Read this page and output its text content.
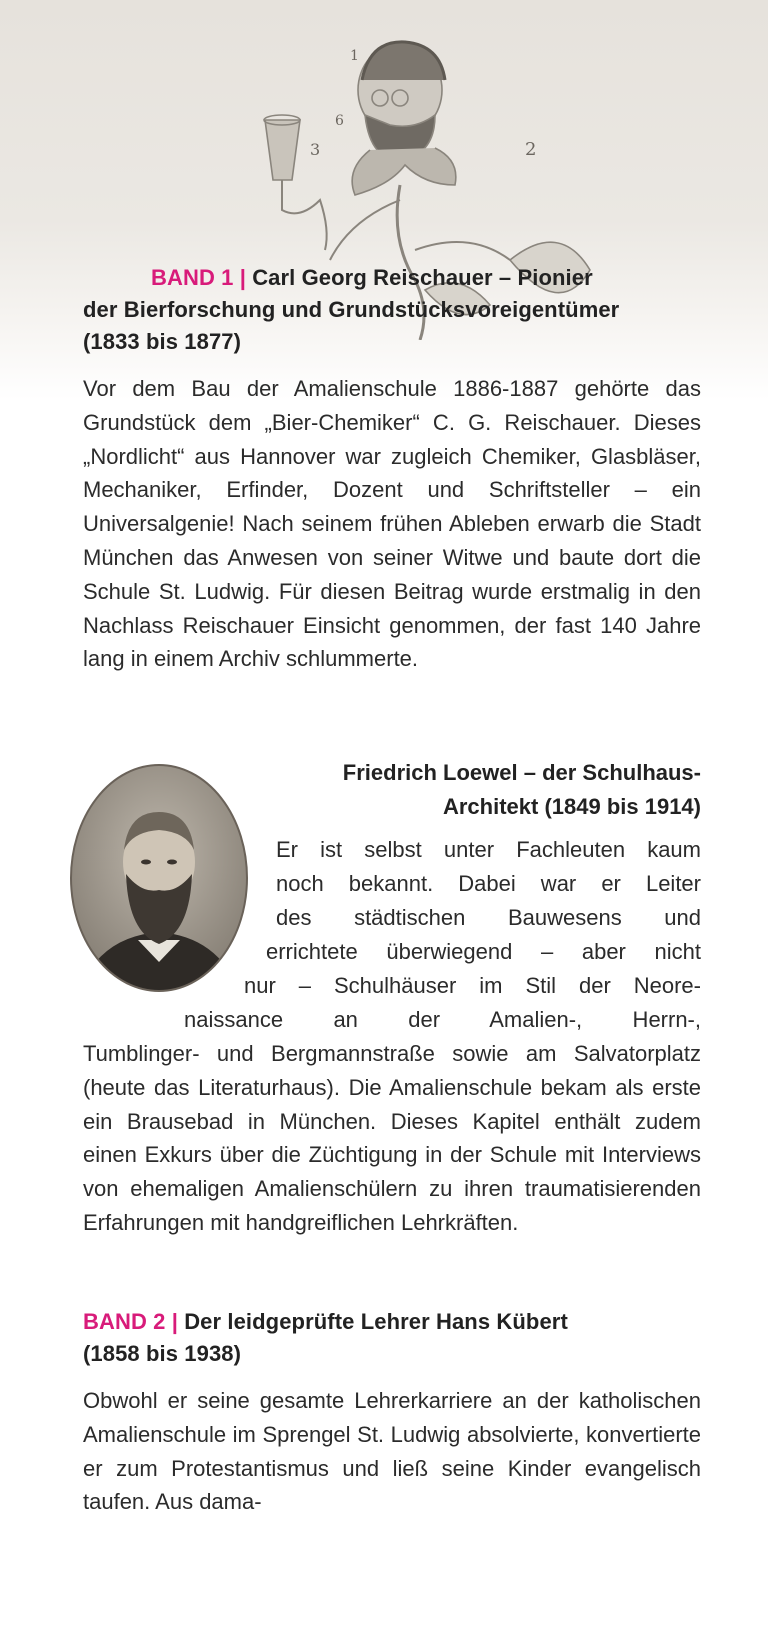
2
3
1
6
BAND 1 | Carl Georg Reischauer – Pionier
der Bierforschung und Grundstücksvoreigentümer
(1833 bis 1877)

Vor dem Bau der Amalienschule 1886-1887 gehörte das Grundstück dem „Bier-Chemiker“ C. G. Reischauer. Dieses „Nordlicht“ aus Hannover war zugleich Chemiker, Glasbläser, Mechaniker, Erfinder, Dozent und Schriftsteller – ein Universalgenie! Nach seinem frühen Ableben erwarb die Stadt München das Anwesen von seiner Witwe und baute dort die Schule St. Ludwig. Für diesen Beitrag wurde erstmalig in den Nachlass Reischauer Einsicht genommen, der fast 140 Jahre lang in einem Archiv schlummerte.

Friedrich Loewel – der Schulhaus-
Architekt (1849 bis 1914)
Er ist selbst unter Fachleuten kaum
noch bekannt. Dabei war er Leiter
des städtischen Bauwesens und
errichtete überwiegend – aber nicht
nur – Schulhäuser im Stil der Neore-
naissance an der Amalien-, Herrn-,

Tumblinger- und Bergmannstraße sowie am Salvatorplatz (heute das Literaturhaus). Die Amalienschule bekam als erste ein Brausebad in München. Dieses Kapitel enthält zudem einen Exkurs über die Züchtigung in der Schule mit Interviews von ehemaligen Amalienschülern zu ihren traumatisierenden Erfahrungen mit handgreiflichen Lehrkräften.

BAND 2 | Der leidgeprüfte Lehrer Hans Kübert
(1858 bis 1938)

Obwohl er seine gesamte Lehrerkarriere an der katholischen Amalienschule im Sprengel St. Ludwig absolvierte, konvertierte er zum Protestantismus und ließ seine Kinder evangelisch taufen. Aus dama-
